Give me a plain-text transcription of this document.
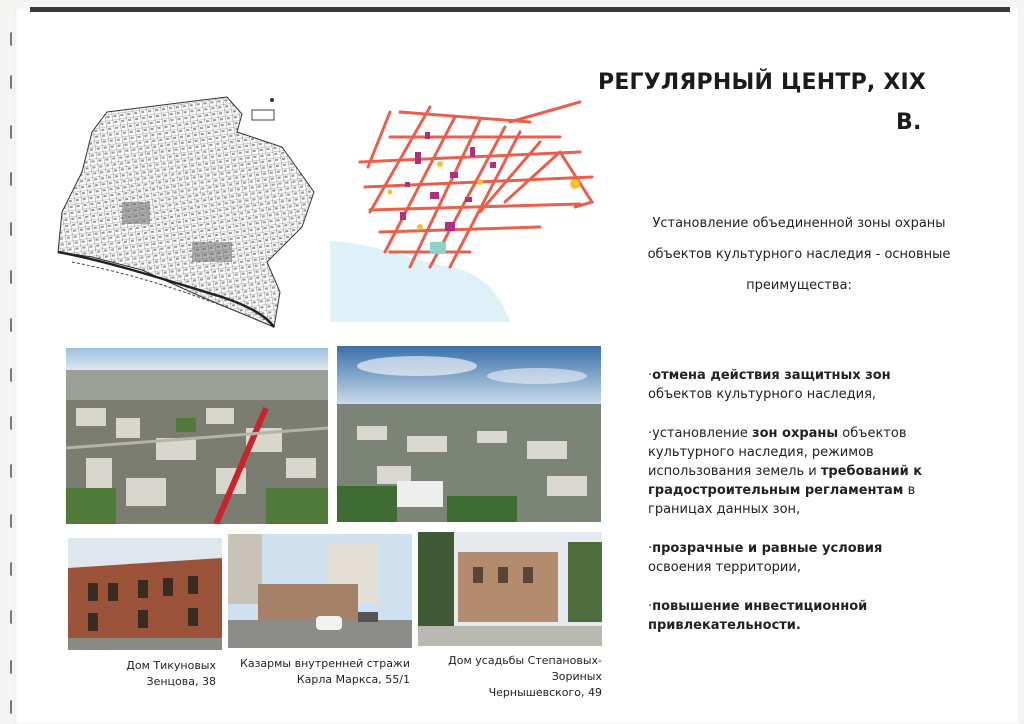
РЕГУЛЯРНЫЙ ЦЕНТР, XIX
В.
Установление объединенной зоны охраны
объектов культурного наследия - основные
преимущества:

·отмена действия защитных зон объектов культурного наследия,

·установление зон охраны объектов культурного наследия, режимов использования земель и требований к градостроительным регламентам в границах данных зон,

·прозрачные и равные условия освоения территории,

·повышение инвестиционной привлекательности.

Дом Тикуновых
Зенцова, 38
Казармы внутренней стражи
Карла Маркса, 55/1
Дом усадьбы Степановых-
Зориных
Чернышевского, 49
